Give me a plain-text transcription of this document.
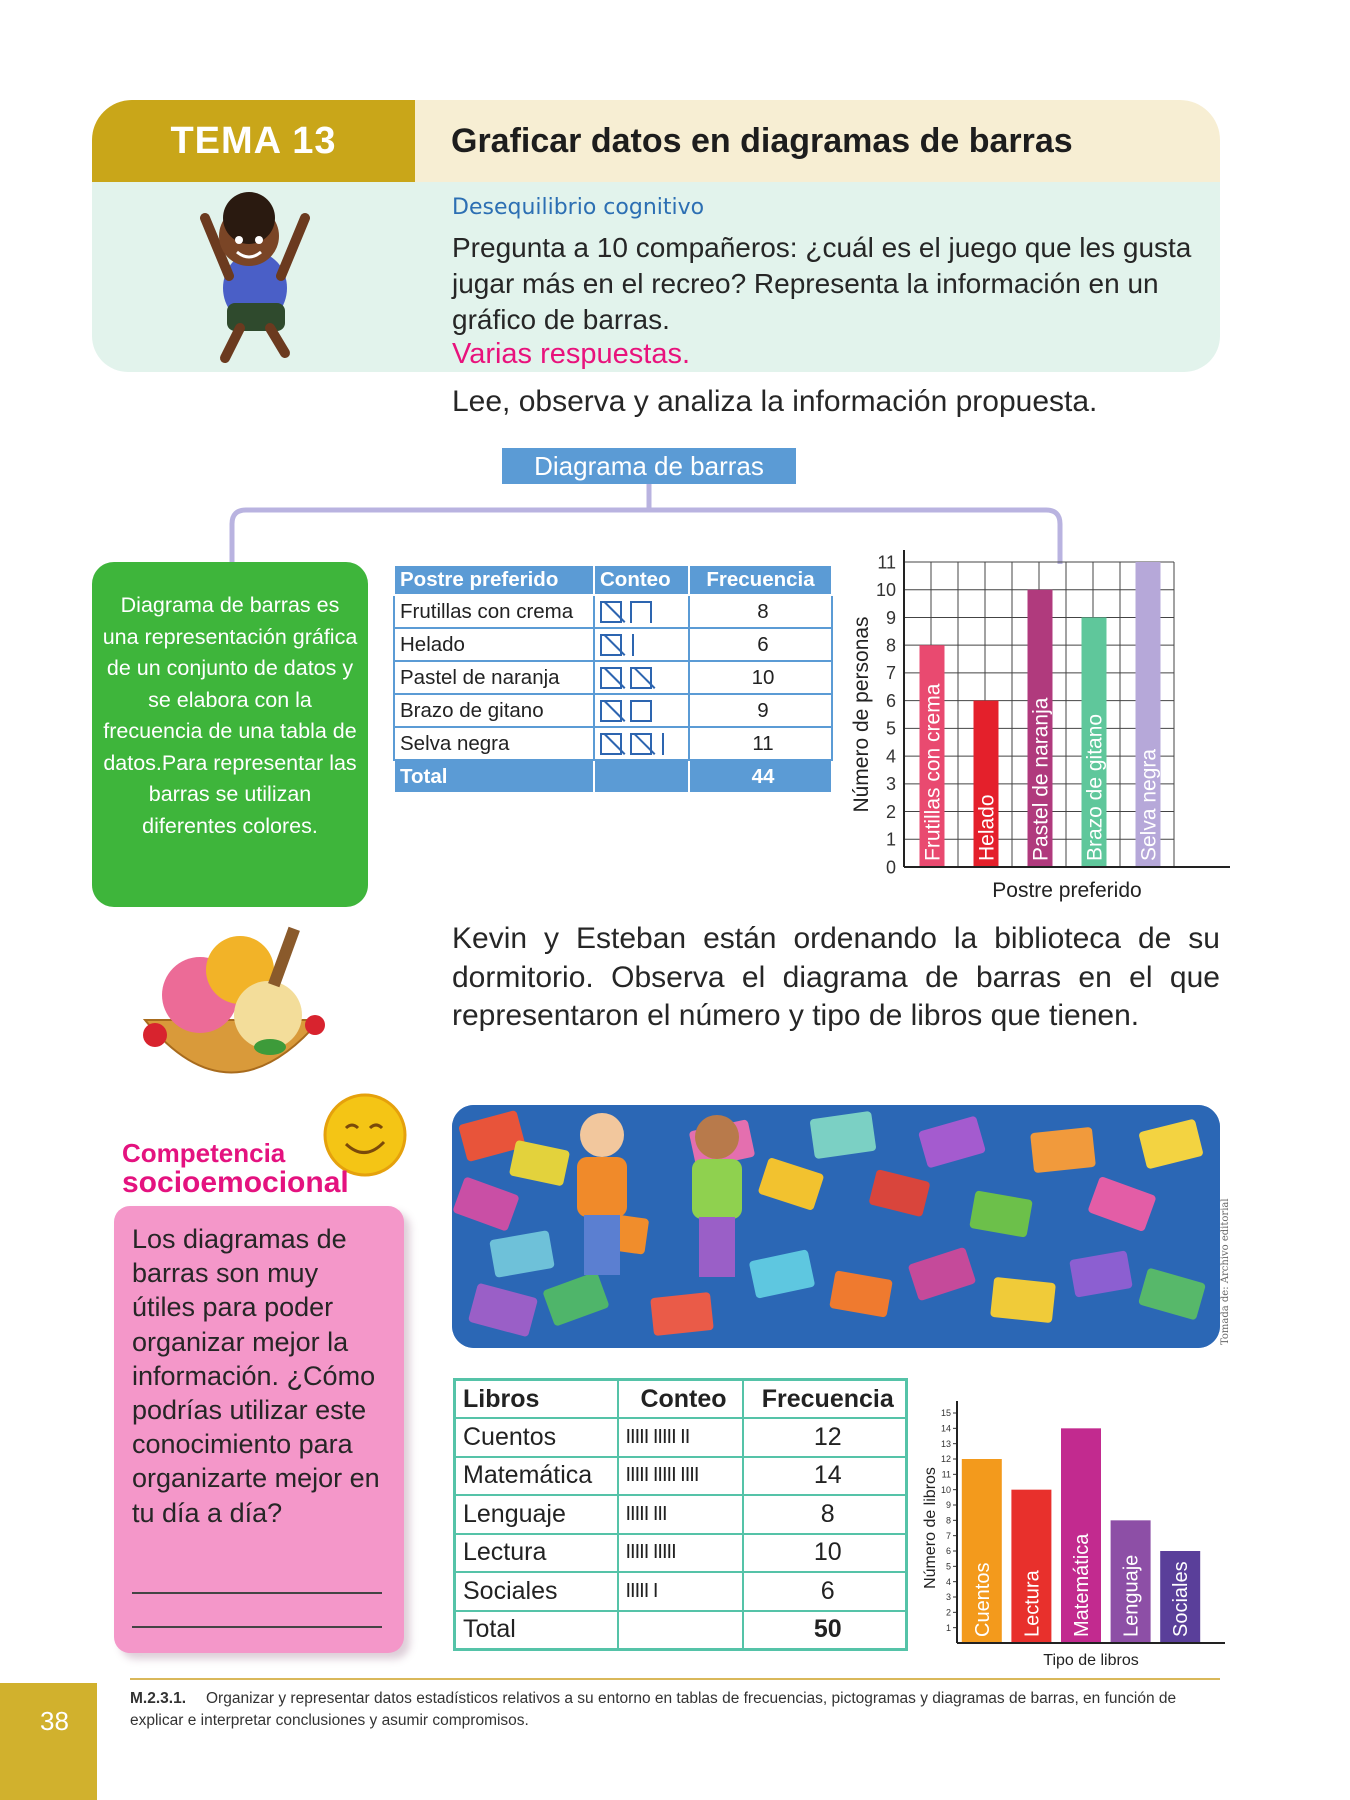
TEMA 13	Graficar datos en diagramas de barras
Desequilibrio cognitivo
Pregunta a 10 compañeros: ¿cuál es el juego que les gusta jugar más en el recreo? Representa la información en un gráfico de barras.
Varias respuestas.
Lee, observa y analiza la información propuesta.
Diagrama de barras
Diagrama de barras es una representación gráfica de un conjunto de datos y se elabora con la frecuencia de una tabla de datos.Para representar las barras se utilizan diferentes colores.
Postre preferido	Conteo	Frecuencia
Frutillas con crema		8
Helado		6
Pastel de naranja		10
Brazo de gitano		9
Selva negra		11
Total		44
0
1
2
3
4
5
6
7
8
9
10
11
Frutillas con crema Helado Pastel de naranja Brazo de gitano Selva negra
Postre preferido
Número de personas
Competencia
socioemocional
Los diagramas de barras son muy útiles para poder organizar mejor la información. ¿Cómo podrías utilizar este conocimiento para organizarte mejor en tu día a día?
Kevin y Esteban están ordenando la biblioteca de su dormitorio. Observa el diagrama de barras en el que representaron el número y tipo de libros que tienen.
Tomada de: Archivo editorial
Libros	Conteo	Frecuencia
Cuentos	IIIII IIIII II	12
Matemática	IIIII IIIII IIII	14
Lenguaje	IIIII III	8
Lectura	IIIII IIIII	10
Sociales	IIIII I	6
Total		50	1
2
3
4
5
6
7
8
9
10
11
12
13
14
15
Cuentos Lectura Matemática Lenguaje Sociales
Tipo de libros
Número de libros
M.2.3.1. Organizar y representar datos estadísticos relativos a su entorno en tablas de frecuencias, pictogramas y diagramas de barras, en función de explicar e interpretar conclusiones y asumir compromisos.
38
